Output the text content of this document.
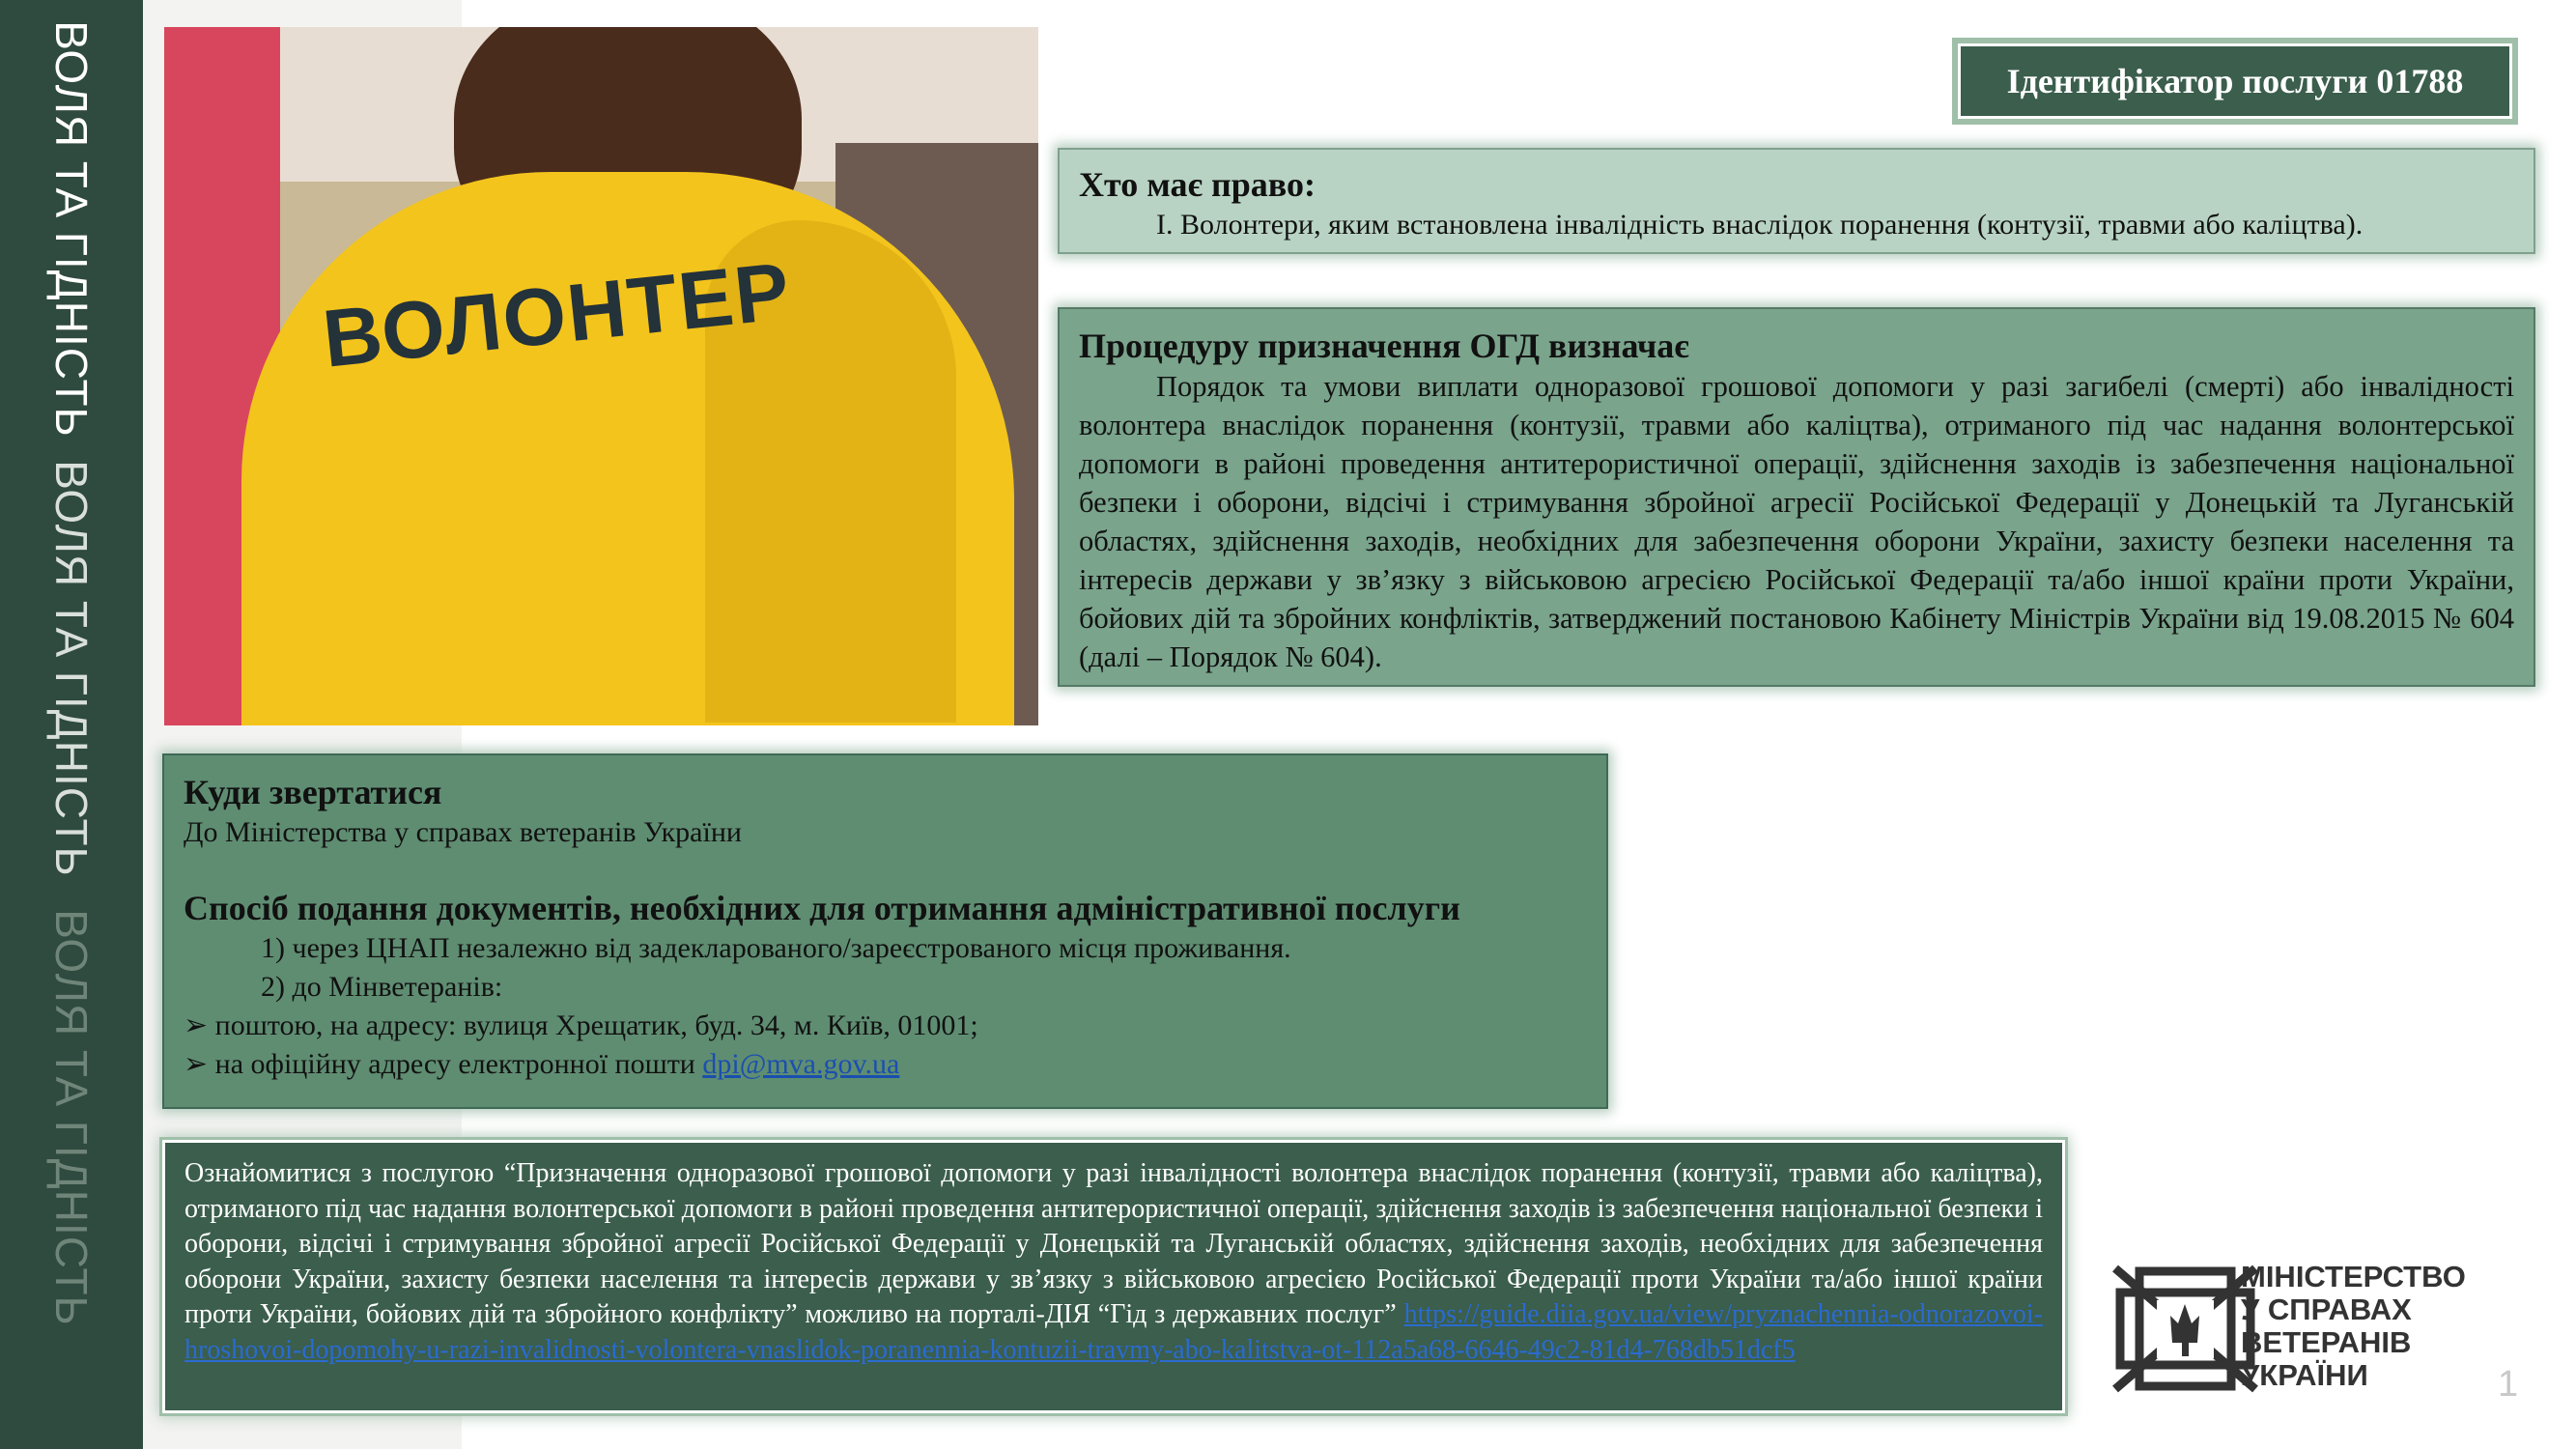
ВОЛЯ ТА ГІДНІСТЬ
ВОЛЯ ТА ГІДНІСТЬ
ВОЛЯ ТА ГІДНІСТЬ
ВОЛОНТЕР
Ідентифікатор послуги 01788

Хто має право:

І. Волонтери, яким встановлена інвалідність внаслідок поранення (контузії, травми або каліцтва).

Процедуру призначення ОГД визначає

Порядок та умови виплати одноразової грошової допомоги у разі загибелі (смерті) або інвалідності волонтера внаслідок поранення (контузії, травми або каліцтва), отриманого під час надання волонтерської допомоги в районі проведення антитерористичної операції, здійснення заходів із забезпечення національної безпеки і оборони, відсічі і стримування збройної агресії Російської Федерації у Донецькій та Луганській областях, здійснення заходів, необхідних для забезпечення оборони України, захисту безпеки населення та інтересів держави у зв’язку з військовою агресією Російської Федерації та/або іншої країни проти України, бойових дій та збройних конфліктів, затверджений постановою Кабінету Міністрів України від 19.08.2015 № 604 (далі – Порядок № 604).

Куди звертатися

До Міністерства у справах ветеранів України

Спосіб подання документів, необхідних для отримання адміністративної послуги

1) через ЦНАП незалежно від задекларованого/зареєстрованого місця проживання.

2) до Мінветеранів:

➢ поштою, на адресу: вулиця Хрещатик, буд. 34, м. Київ, 01001;

➢ на офіційну адресу електронної пошти dpi@mva.gov.ua

Ознайомитися з послугою “Призначення одноразової грошової допомоги у разі інвалідності волонтера внаслідок поранення (контузії, травми або каліцтва), отриманого під час надання волонтерської допомоги в районі проведення антитерористичної операції, здійснення заходів із забезпечення національної безпеки і оборони, відсічі і стримування збройної агресії Російської Федерації у Донецькій та Луганській областях, здійснення заходів, необхідних для забезпечення оборони України, захисту безпеки населення та інтересів держави у зв’язку з військовою агресією Російської Федерації проти України та/або іншої країни проти України, бойових дій та збройного конфлікту” можливо на порталі-ДІЯ “Гід з державних послуг” https://guide.diia.gov.ua/view/pryznachennia-odnorazovoi-hroshovoi-dopomohy-u-razi-invalidnosti-volontera-vnaslidok-poranennia-kontuzii-travmy-abo-kalitstva-ot-112a5a68-6646-49c2-81d4-768db51dcf5

МІНІСТЕРСТВО
У СПРАВАХ
ВЕТЕРАНІВ
УКРАЇНИ	1
